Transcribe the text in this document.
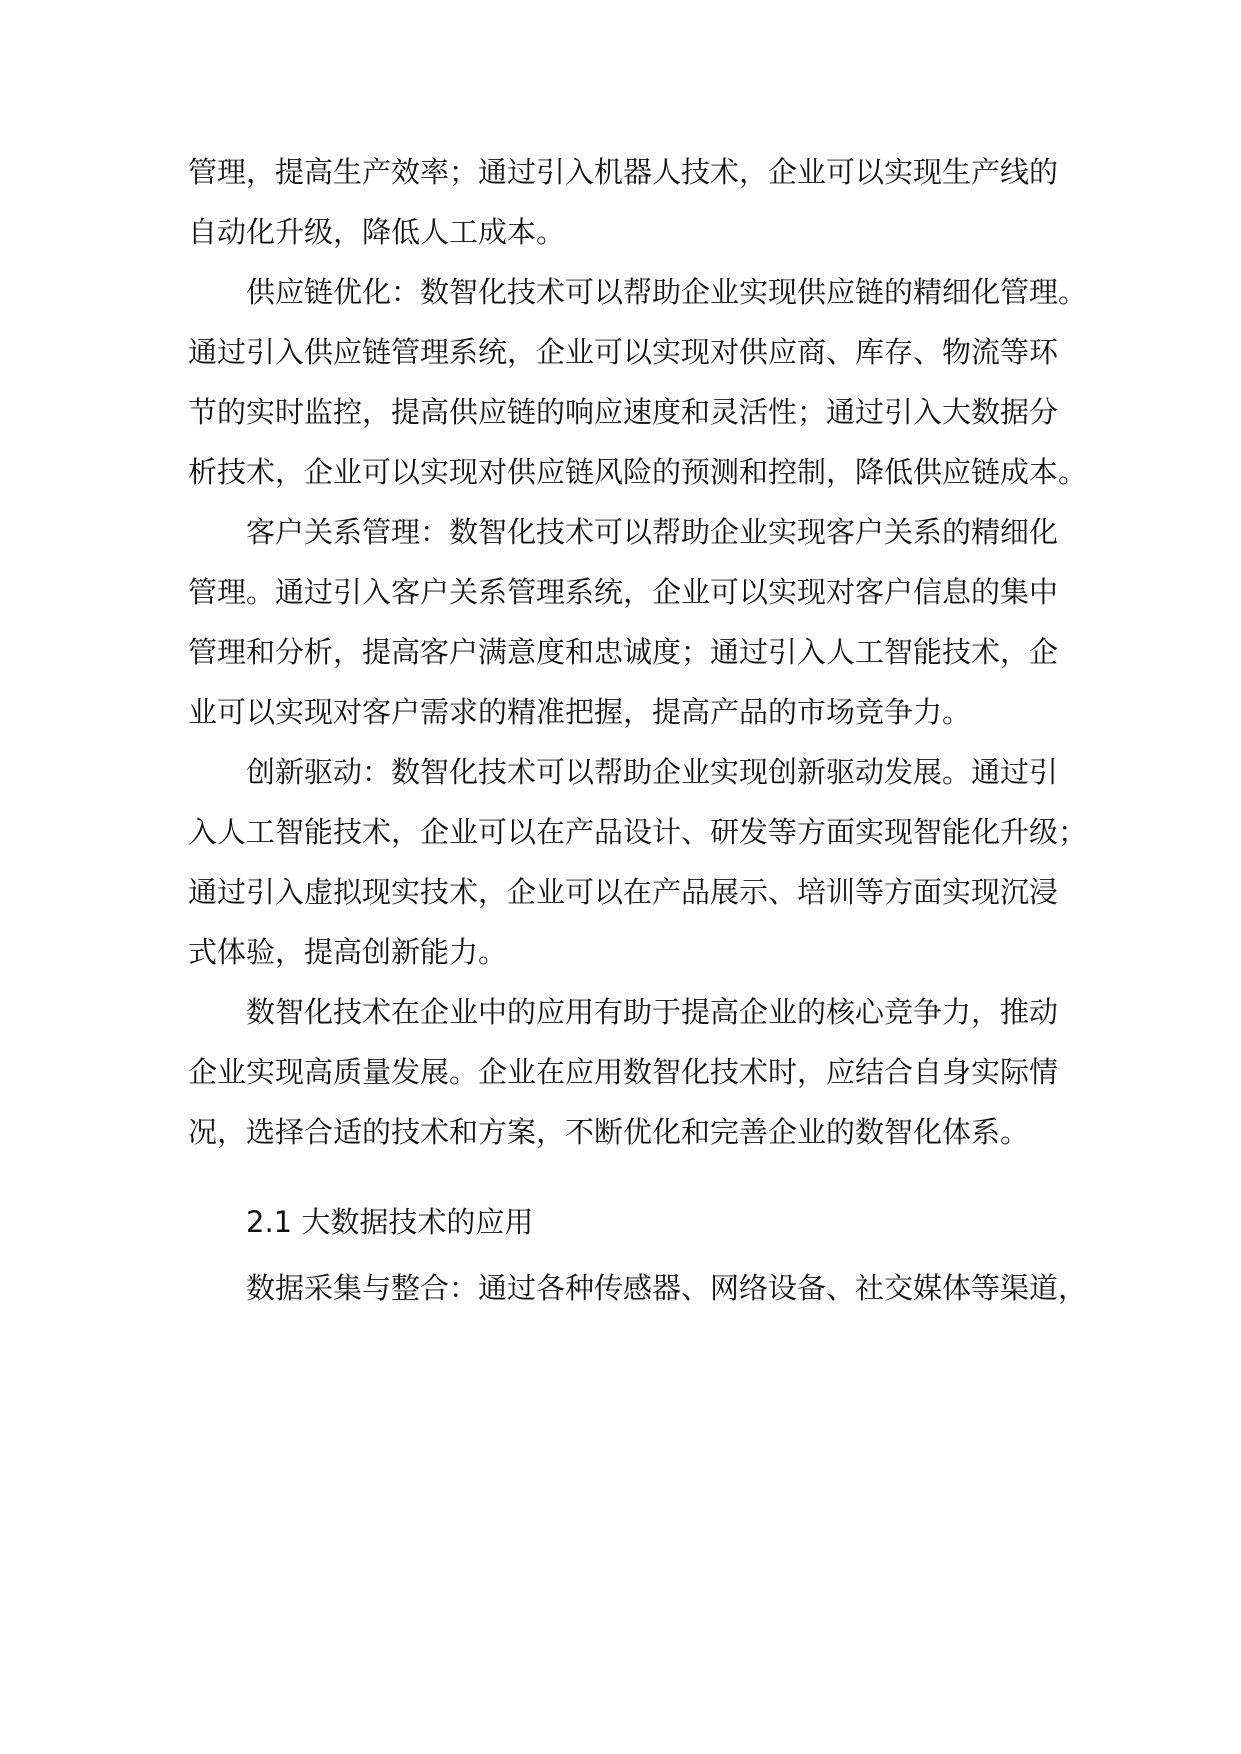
管理，提高生产效率；通过引入机器人技术，企业可以实现生产线的
自动化升级，降低人工成本。
供应链优化：数智化技术可以帮助企业实现供应链的精细化管理。
通过引入供应链管理系统，企业可以实现对供应商、库存、物流等环
节的实时监控，提高供应链的响应速度和灵活性；通过引入大数据分
析技术，企业可以实现对供应链风险的预测和控制，降低供应链成本。
客户关系管理：数智化技术可以帮助企业实现客户关系的精细化
管理。通过引入客户关系管理系统，企业可以实现对客户信息的集中
管理和分析，提高客户满意度和忠诚度；通过引入人工智能技术，企
业可以实现对客户需求的精准把握，提高产品的市场竞争力。
创新驱动：数智化技术可以帮助企业实现创新驱动发展。通过引
入人工智能技术，企业可以在产品设计、研发等方面实现智能化升级；
通过引入虚拟现实技术，企业可以在产品展示、培训等方面实现沉浸
式体验，提高创新能力。
数智化技术在企业中的应用有助于提高企业的核心竞争力，推动
企业实现高质量发展。企业在应用数智化技术时，应结合自身实际情
况，选择合适的技术和方案，不断优化和完善企业的数智化体系。
2.1 大数据技术的应用
数据采集与整合：通过各种传感器、网络设备、社交媒体等渠道，
